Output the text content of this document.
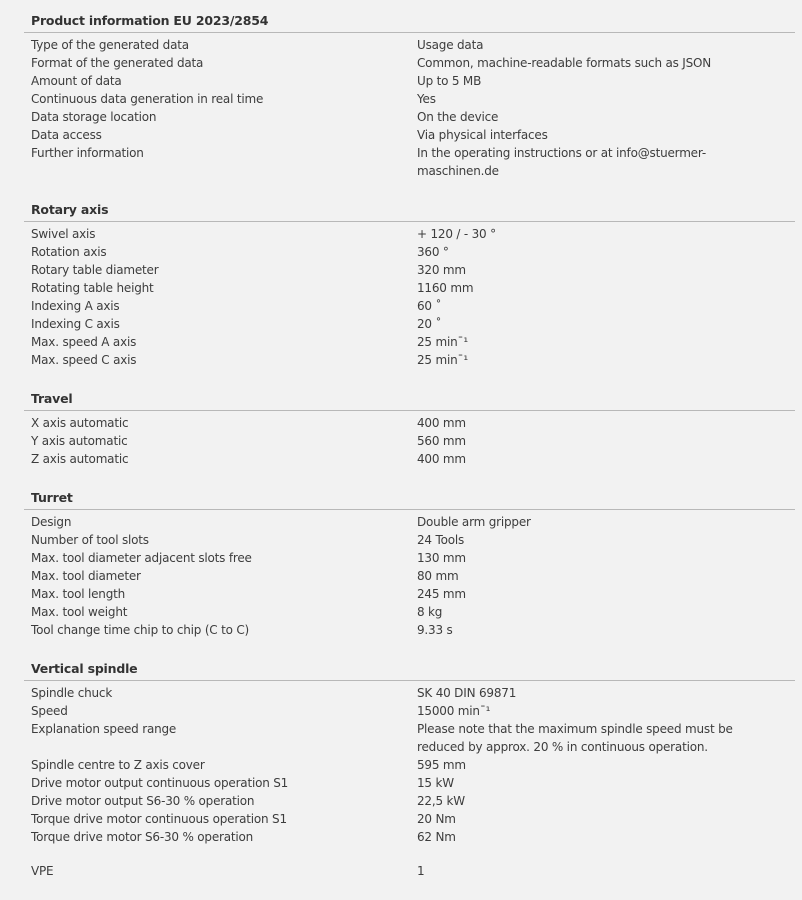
Product information EU 2023/2854
Type of the generated data	Usage data
Format of the generated data	Common, machine-readable formats such as JSON
Amount of data	Up to 5 MB
Continuous data generation in real time	Yes
Data storage location	On the device
Data access	Via physical interfaces
Further information	In the operating instructions or at info@stuermer-maschinen.de
Rotary axis
Swivel axis	+ 120 / - 30 °
Rotation axis	360 °
Rotary table diameter	320 mm
Rotating table height	1160 mm
Indexing A axis	60 ˚
Indexing C axis	20 ˚
Max. speed A axis	25 min¯¹
Max. speed C axis	25 min¯¹
Travel
X axis automatic	400 mm
Y axis automatic	560 mm
Z axis automatic	400 mm
Turret
Design	Double arm gripper
Number of tool slots	24 Tools
Max. tool diameter adjacent slots free	130 mm
Max. tool diameter	80 mm
Max. tool length	245 mm
Max. tool weight	8 kg
Tool change time chip to chip (C to C)	9.33 s
Vertical spindle
Spindle chuck	SK 40 DIN 69871
Speed	15000 min¯¹
Explanation speed range	Please note that the maximum spindle speed must be reduced by approx. 20 % in continuous operation.
Spindle centre to Z axis cover	595 mm
Drive motor output continuous operation S1	15 kW
Drive motor output S6-30 % operation	22,5 kW
Torque drive motor continuous operation S1	20 Nm
Torque drive motor S6-30 % operation	62 Nm
VPE	1
